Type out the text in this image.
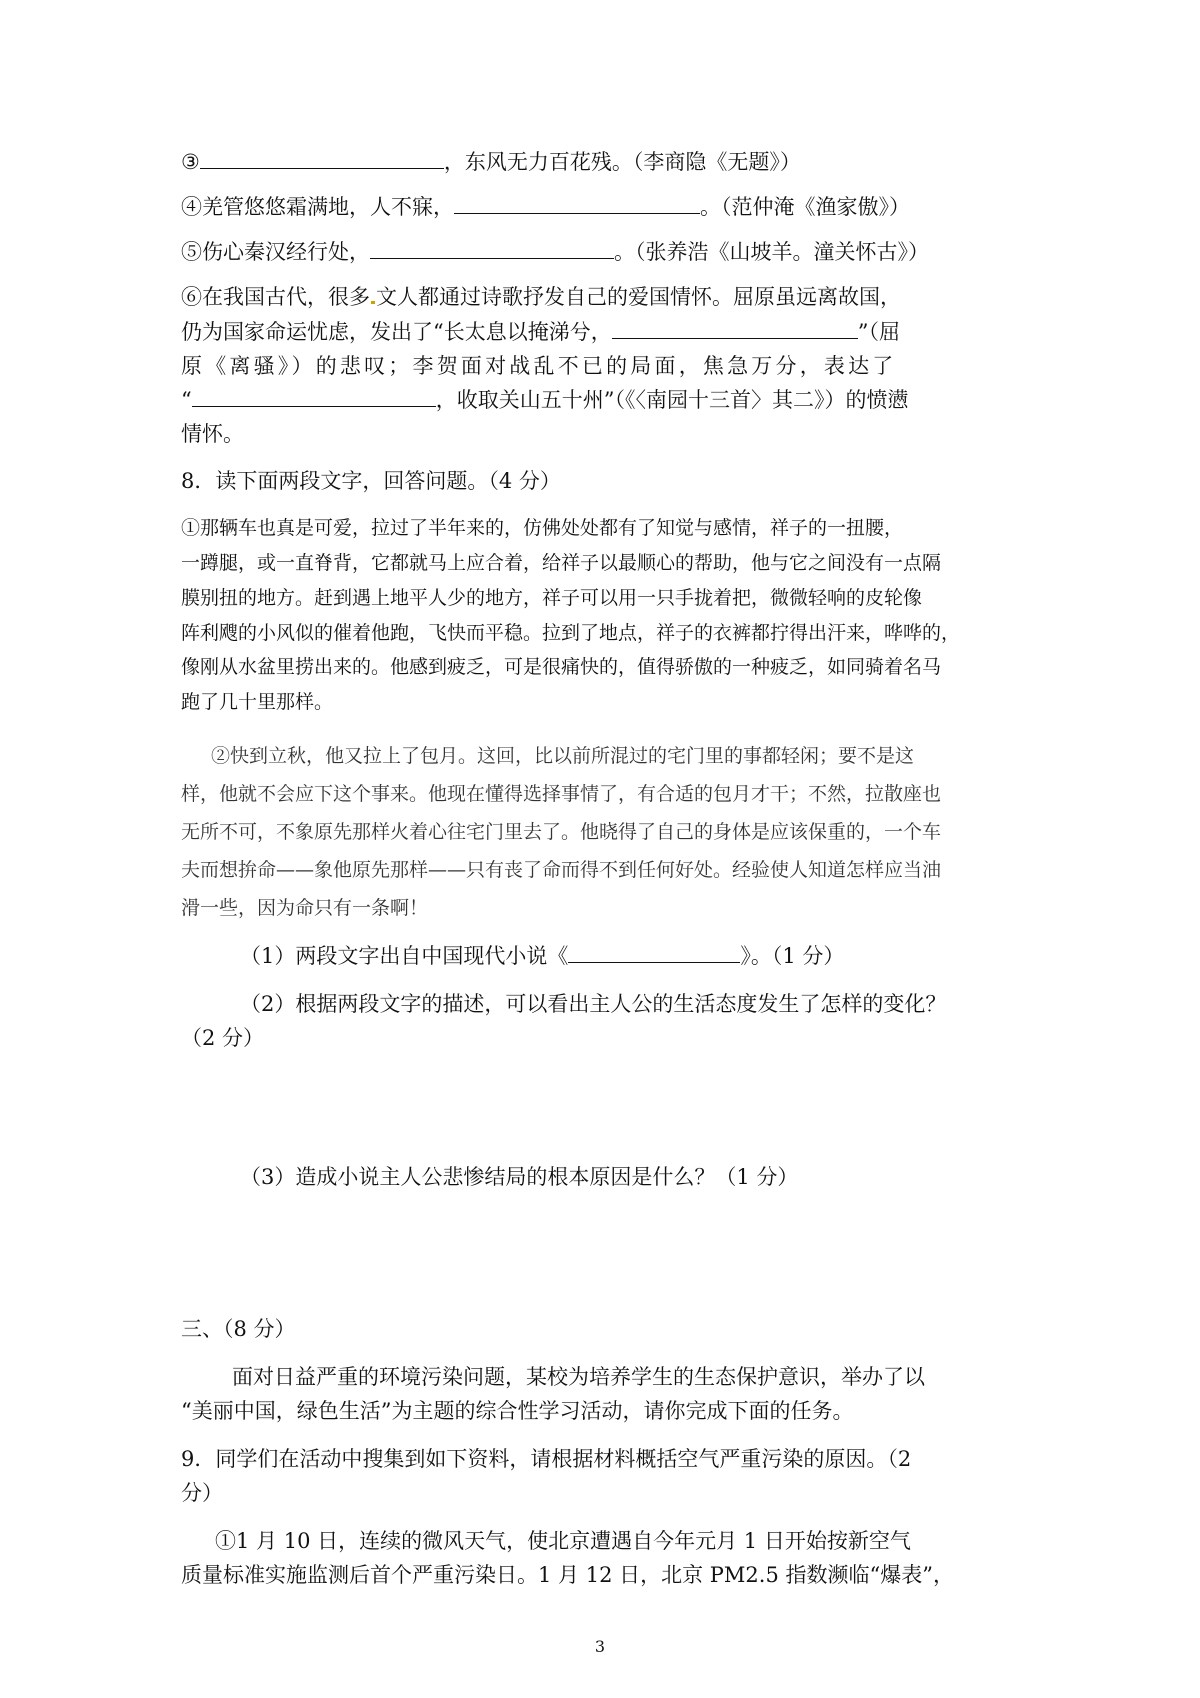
③	，东风无力百花残。（李商隐《无题》）
④羌管悠悠霜满地，人不寐，	。（范仲淹《渔家傲》）
⑤伤心秦汉经行处，	。（张养浩《山坡羊。潼关怀古》）
⑥在我国古代，很多 文人都通过诗歌抒发自己的爱国情怀。屈原虽远离故国，
仍为国家命运忧虑，发出了“长太息以掩涕兮，	”（屈
原《离骚》）的悲叹；李贺面对战乱不已的局面，焦急万分，表达了
“	，收取关山五十州”（《〈南园十三首〉其二》）的愤懑
情怀。
8．读下面两段文字，回答问题。（4 分）
①那辆车也真是可爱，拉过了半年来的，仿佛处处都有了知觉与感情，祥子的一扭腰，
一蹲腿，或一直脊背，它都就马上应合着，给祥子以最顺心的帮助，他与它之间没有一点隔
膜别扭的地方。赶到遇上地平人少的地方，祥子可以用一只手拢着把，微微轻响的皮轮像
阵利飕的小风似的催着他跑，飞快而平稳。拉到了地点，祥子的衣裤都拧得出汗来，哗哗的，
像刚从水盆里捞出来的。他感到疲乏，可是很痛快的，值得骄傲的一种疲乏，如同骑着名马
跑了几十里那样。
②快到立秋，他又拉上了包月。这回，比以前所混过的宅门里的事都轻闲；要不是这
样，他就不会应下这个事来。他现在懂得选择事情了，有合适的包月才干；不然，拉散座也
无所不可，不象原先那样火着心往宅门里去了。他晓得了自己的身体是应该保重的，一个车
夫而想拚命——象他原先那样——只有丧了命而得不到任何好处。经验使人知道怎样应当油
滑一些，因为命只有一条啊！
（1）两段文字出自中国现代小说《	》。（1 分）
（2）根据两段文字的描述，可以看出主人公的生活态度发生了怎样的变化？
（2 分）
（3）造成小说主人公悲惨结局的根本原因是什么？（1 分）
三、（8 分）
面对日益严重的环境污染问题，某校为培养学生的生态保护意识，举办了以
“美丽中国，绿色生活”为主题的综合性学习活动，请你完成下面的任务。
9．同学们在活动中搜集到如下资料，请根据材料概括空气严重污染的原因。（2
分）
①1 月 10 日，连续的微风天气，使北京遭遇自今年元月 1 日开始按新空气
质量标准实施监测后首个严重污染日。1 月 12 日，北京 PM2.5 指数濒临“爆表”，
3
